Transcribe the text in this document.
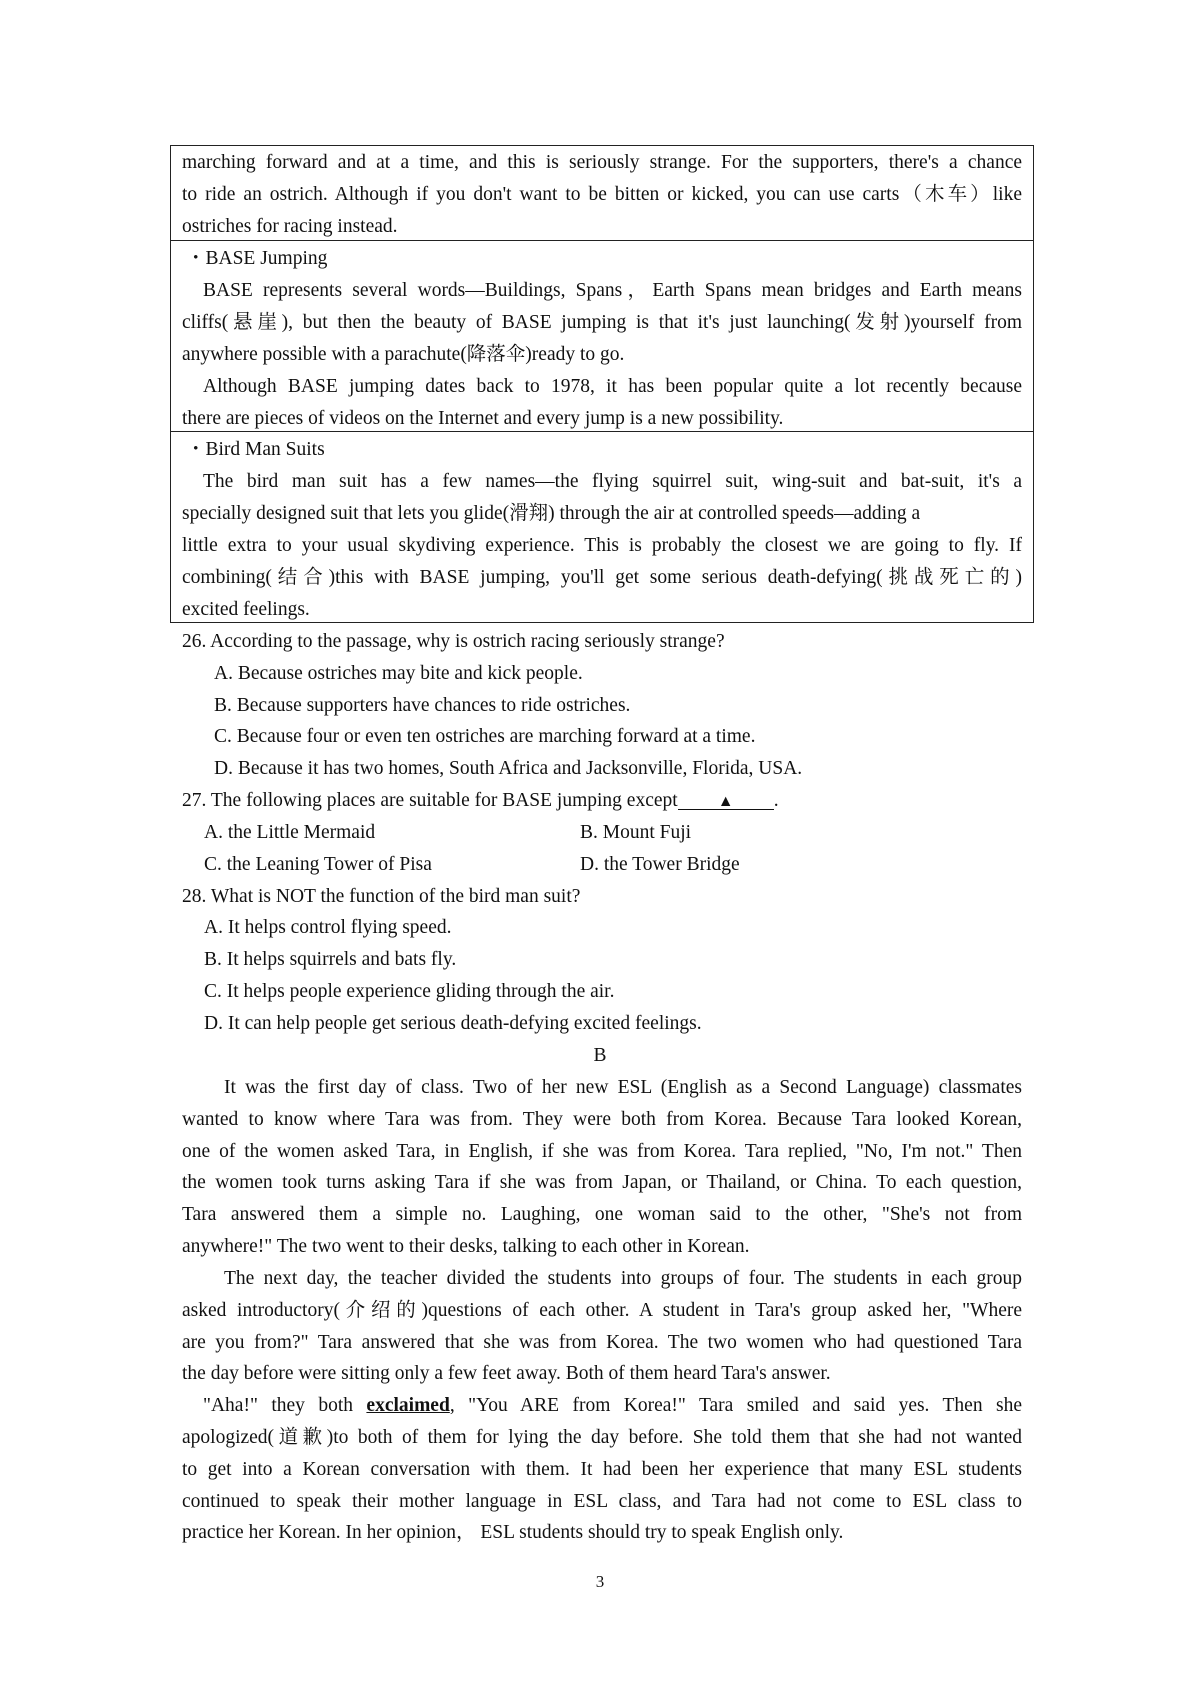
marching forward and at a time, and this is seriously strange. For the supporters, there's a chance
to ride an ostrich. Although if you don't want to be bitten or kicked, you can use carts（木车）like
ostriches for racing instead.
・BASE Jumping
BASE represents several words—Buildings, Spans，Earth Spans mean bridges and Earth means
cliffs(悬崖), but then the beauty of BASE jumping is that it's just launching(发射)yourself from
anywhere possible with a parachute(降落伞)ready to go.
Although BASE jumping dates back to 1978, it has been popular quite a lot recently because
there are pieces of videos on the Internet and every jump is a new possibility.
・Bird Man Suits
The bird man suit has a few names—the flying squirrel suit, wing-suit and bat-suit, it's a
specially designed suit that lets you glide(滑翔) through the air at controlled speeds—adding a
little extra to your usual skydiving experience. This is probably the closest we are going to fly. If
combining(结合)this with BASE jumping, you'll get some serious death-defying(挑战死亡的)
excited feelings.
26. According to the passage, why is ostrich racing seriously strange?
A. Because ostriches may bite and kick people.
B. Because supporters have chances to ride ostriches.
C. Because four or even ten ostriches are marching forward at a time.
D. Because it has two homes, South Africa and Jacksonville, Florida, USA.
27. The following places are suitable for BASE jumping except	▲ .
A. the Little Mermaid	B. Mount Fuji
C. the Leaning Tower of Pisa	D. the Tower Bridge
28. What is NOT the function of the bird man suit?
A. It helps control flying speed.
B. It helps squirrels and bats fly.
C. It helps people experience gliding through the air.
D. It can help people get serious death-defying excited feelings.
B
It was the first day of class. Two of her new ESL (English as a Second Language) classmates
wanted to know where Tara was from. They were both from Korea. Because Tara looked Korean,
one of the women asked Tara, in English, if she was from Korea. Tara replied, "No, I'm not." Then
the women took turns asking Tara if she was from Japan, or Thailand, or China. To each question,
Tara answered them a simple no. Laughing, one woman said to the other, "She's not from
anywhere!" The two went to their desks, talking to each other in Korean.
The next day, the teacher divided the students into groups of four. The students in each group
asked introductory(介绍的)questions of each other. A student in Tara's group asked her, "Where
are you from?" Tara answered that she was from Korea. The two women who had questioned Tara
the day before were sitting only a few feet away. Both of them heard Tara's answer.
"Aha!" they both exclaimed, "You ARE from Korea!" Tara smiled and said yes. Then she
apologized(道歉)to both of them for lying the day before. She told them that she had not wanted
to get into a Korean conversation with them. It had been her experience that many ESL students
continued to speak their mother language in ESL class, and Tara had not come to ESL class to
practice her Korean. In her opinion， ESL students should try to speak English only.
3
